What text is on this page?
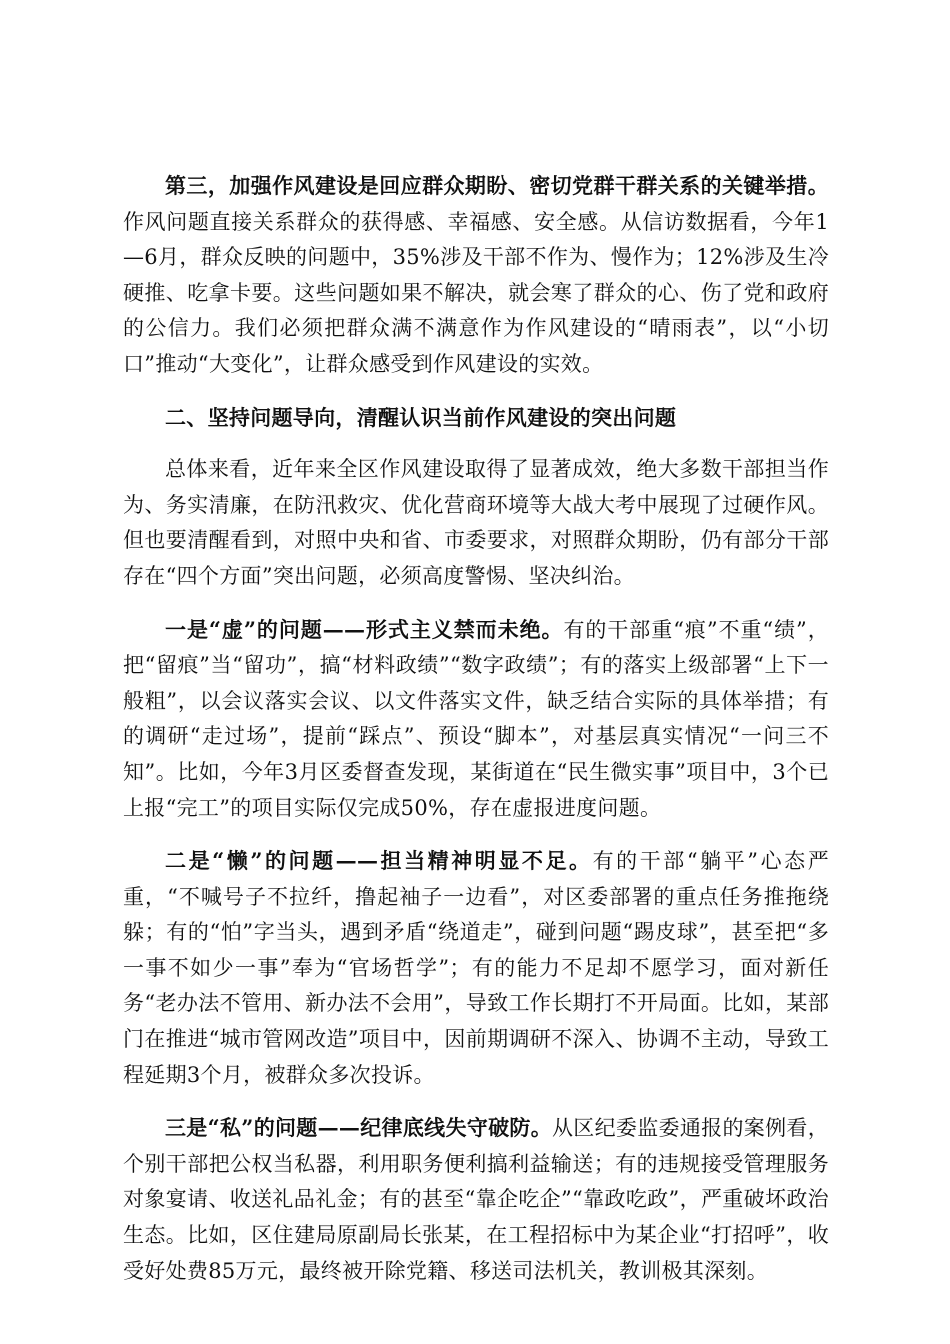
第三，加强作风建设是回应群众期盼、密切党群干群关系的关键举措。作风问题直接关系群众的获得感、幸福感、安全感。从信访数据看，今年1—6月，群众反映的问题中，35%涉及干部不作为、慢作为；12%涉及生冷硬推、吃拿卡要。这些问题如果不解决，就会寒了群众的心、伤了党和政府的公信力。我们必须把群众满不满意作为作风建设的“晴雨表”，以“小切口”推动“大变化”，让群众感受到作风建设的实效。

二、坚持问题导向，清醒认识当前作风建设的突出问题

总体来看，近年来全区作风建设取得了显著成效，绝大多数干部担当作为、务实清廉，在防汛救灾、优化营商环境等大战大考中展现了过硬作风。但也要清醒看到，对照中央和省、市委要求，对照群众期盼，仍有部分干部存在“四个方面”突出问题，必须高度警惕、坚决纠治。

一是“虚”的问题——形式主义禁而未绝。有的干部重“痕”不重“绩”，把“留痕”当“留功”，搞“材料政绩”“数字政绩”；有的落实上级部署“上下一般粗”，以会议落实会议、以文件落实文件，缺乏结合实际的具体举措；有的调研“走过场”，提前“踩点”、预设“脚本”，对基层真实情况“一问三不知”。比如，今年3月区委督查发现，某街道在“民生微实事”项目中，3个已上报“完工”的项目实际仅完成50%，存在虚报进度问题。

二是“懒”的问题——担当精神明显不足。有的干部“躺平”心态严重，“不喊号子不拉纤，撸起袖子一边看”，对区委部署的重点任务推拖绕躲；有的“怕”字当头，遇到矛盾“绕道走”，碰到问题“踢皮球”，甚至把“多一事不如少一事”奉为“官场哲学”；有的能力不足却不愿学习，面对新任务“老办法不管用、新办法不会用”，导致工作长期打不开局面。比如，某部门在推进“城市管网改造”项目中，因前期调研不深入、协调不主动，导致工程延期3个月，被群众多次投诉。

三是“私”的问题——纪律底线失守破防。从区纪委监委通报的案例看，个别干部把公权当私器，利用职务便利搞利益输送；有的违规接受管理服务对象宴请、收送礼品礼金；有的甚至“靠企吃企”“靠政吃政”，严重破坏政治生态。比如，区住建局原副局长张某，在工程招标中为某企业“打招呼”，收受好处费85万元，最终被开除党籍、移送司法机关，教训极其深刻。
